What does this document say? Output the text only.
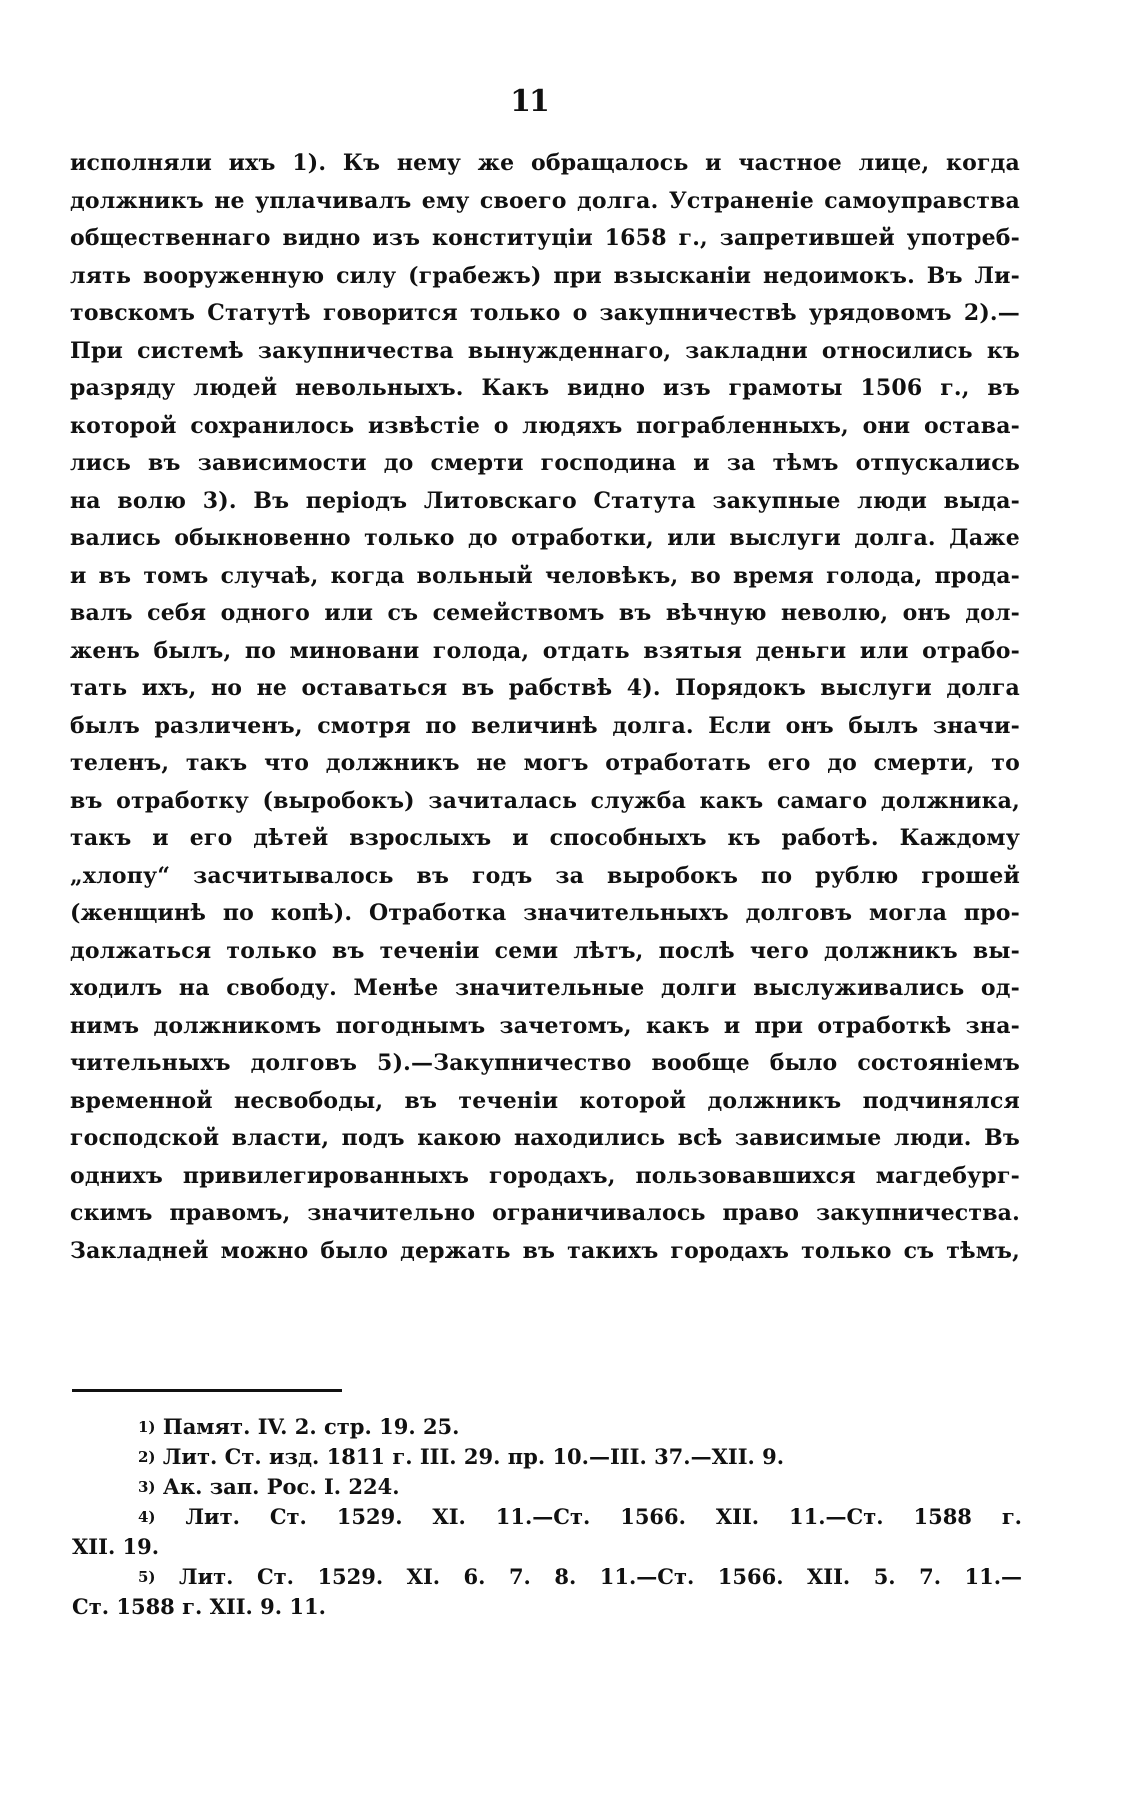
11
исполняли ихъ 1). Къ нему же обращалось и частное лице, когда
должникъ не уплачивалъ ему своего долга. Устраненіе самоуправства
общественнаго видно изъ конституціи 1658 г., запретившей употреб-
лять вооруженную силу (грабежъ) при взысканіи недоимокъ. Въ Ли-
товскомъ Статутѣ говорится только о закупничествѣ урядовомъ 2).—
При системѣ закупничества вынужденнаго, закладни относились къ
разряду людей невольныхъ. Какъ видно изъ грамоты 1506 г., въ
которой сохранилось извѣстіе о людяхъ пограбленныхъ, они остава-
лись въ зависимости до смерти господина и за тѣмъ отпускались
на волю 3). Въ періодъ Литовскаго Статута закупные люди выда-
вались обыкновенно только до отработки, или выслуги долга. Даже
и въ томъ случаѣ, когда вольный человѣкъ, во время голода, прода-
валъ себя одного или съ семействомъ въ вѣчную неволю, онъ дол-
женъ былъ, по миновани голода, отдать взятыя деньги или отрабо-
тать ихъ, но не оставаться въ рабствѣ 4). Порядокъ выслуги долга
былъ различенъ, смотря по величинѣ долга. Если онъ былъ значи-
теленъ, такъ что должникъ не могъ отработать его до смерти, то
въ отработку (выробокъ) зачиталась служба какъ самаго должника,
такъ и его дѣтей взрослыхъ и способныхъ къ работѣ. Каждому
„хлопу“ засчитывалось въ годъ за выробокъ по рублю грошей
(женщинѣ по копѣ). Отработка значительныхъ долговъ могла про-
должаться только въ теченіи семи лѣтъ, послѣ чего должникъ вы-
ходилъ на свободу. Менѣе значительные долги выслуживались од-
нимъ должникомъ погоднымъ зачетомъ, какъ и при отработкѣ зна-
чительныхъ долговъ 5).—Закупничество вообще было состояніемъ
временной несвободы, въ теченіи которой должникъ подчинялся
господской власти, подъ какою находились всѣ зависимые люди. Въ
однихъ привилегированныхъ городахъ, пользовавшихся магдебург-
скимъ правомъ, значительно ограничивалось право закупничества.
Закладней можно было держать въ такихъ городахъ только съ тѣмъ,
1) Памят. IV. 2. стр. 19. 25.
2) Лит. Ст. изд. 1811 г. III. 29. пр. 10.—III. 37.—XII. 9.
3) Ак. зап. Рос. I. 224.
4) Лит. Ст. 1529. XI. 11.—Ст. 1566. XII. 11.—Ст. 1588 г.
XII. 19.
5) Лит. Ст. 1529. XI. 6. 7. 8. 11.—Ст. 1566. XII. 5. 7. 11.—
Ст. 1588 г. XII. 9. 11.
